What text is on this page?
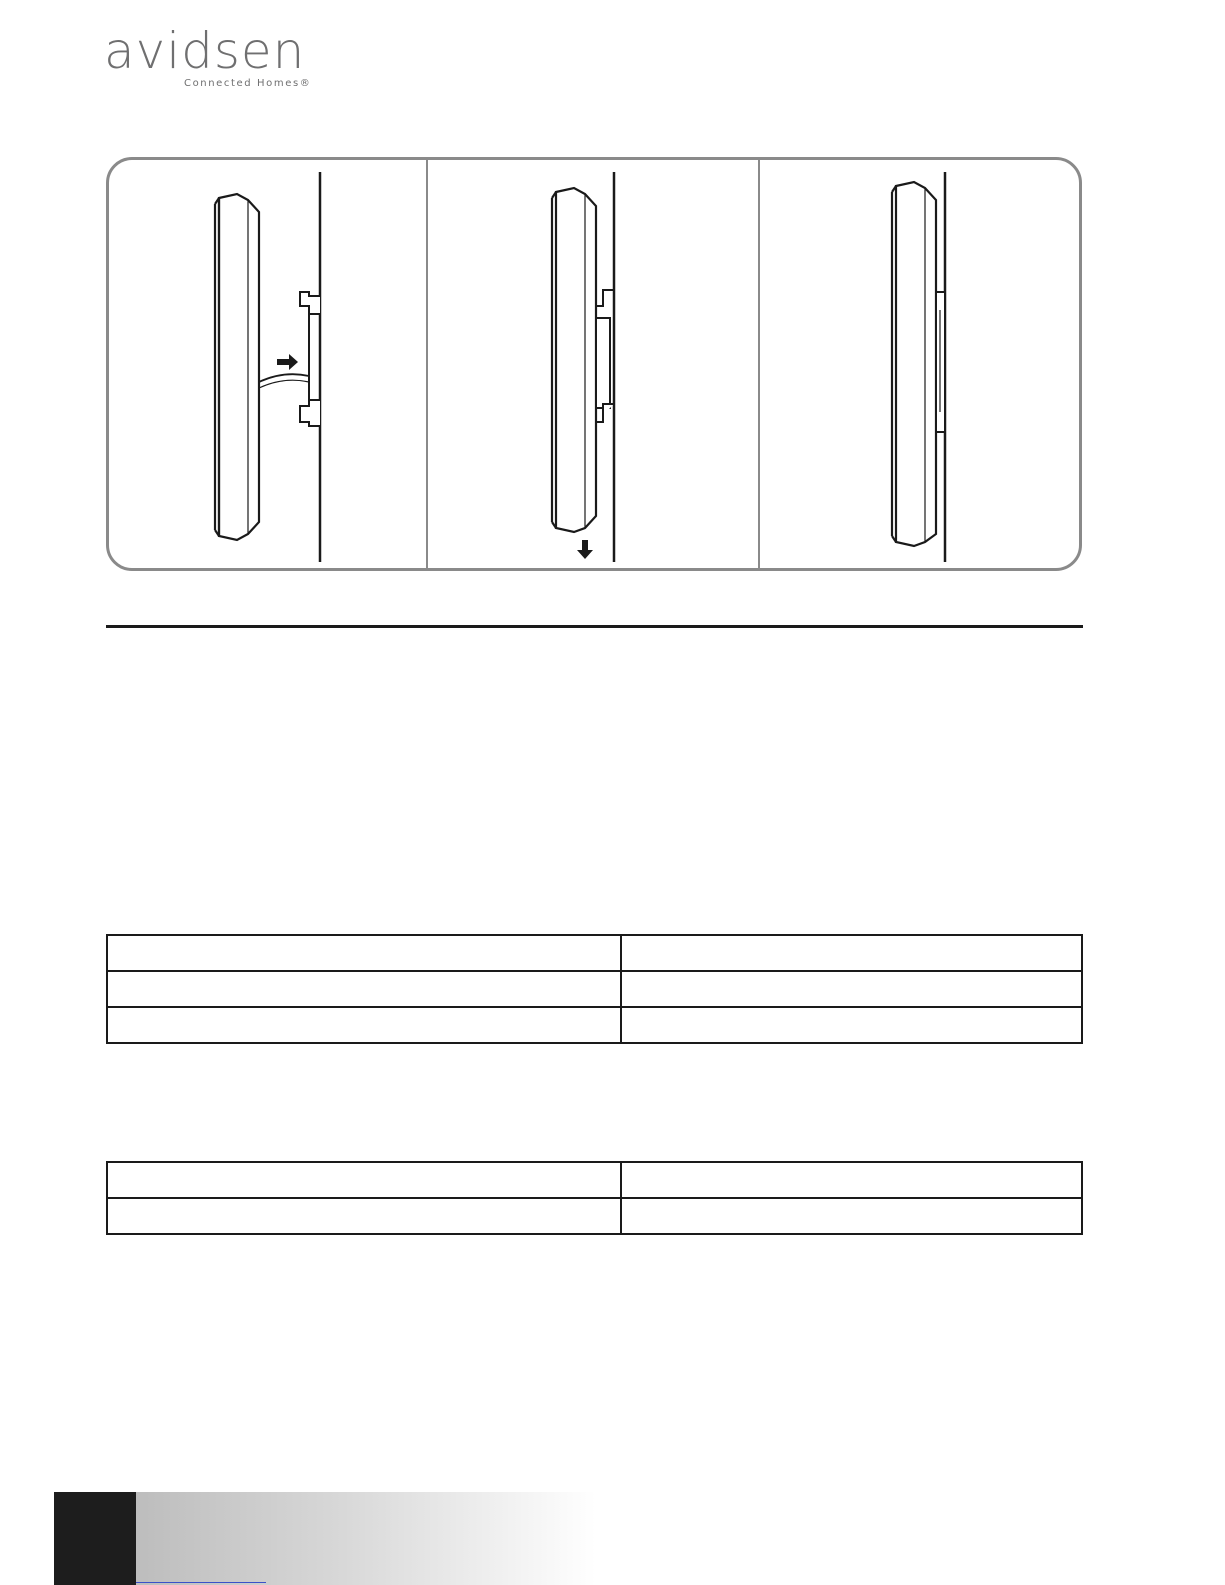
avidsen
Connected Homes®
